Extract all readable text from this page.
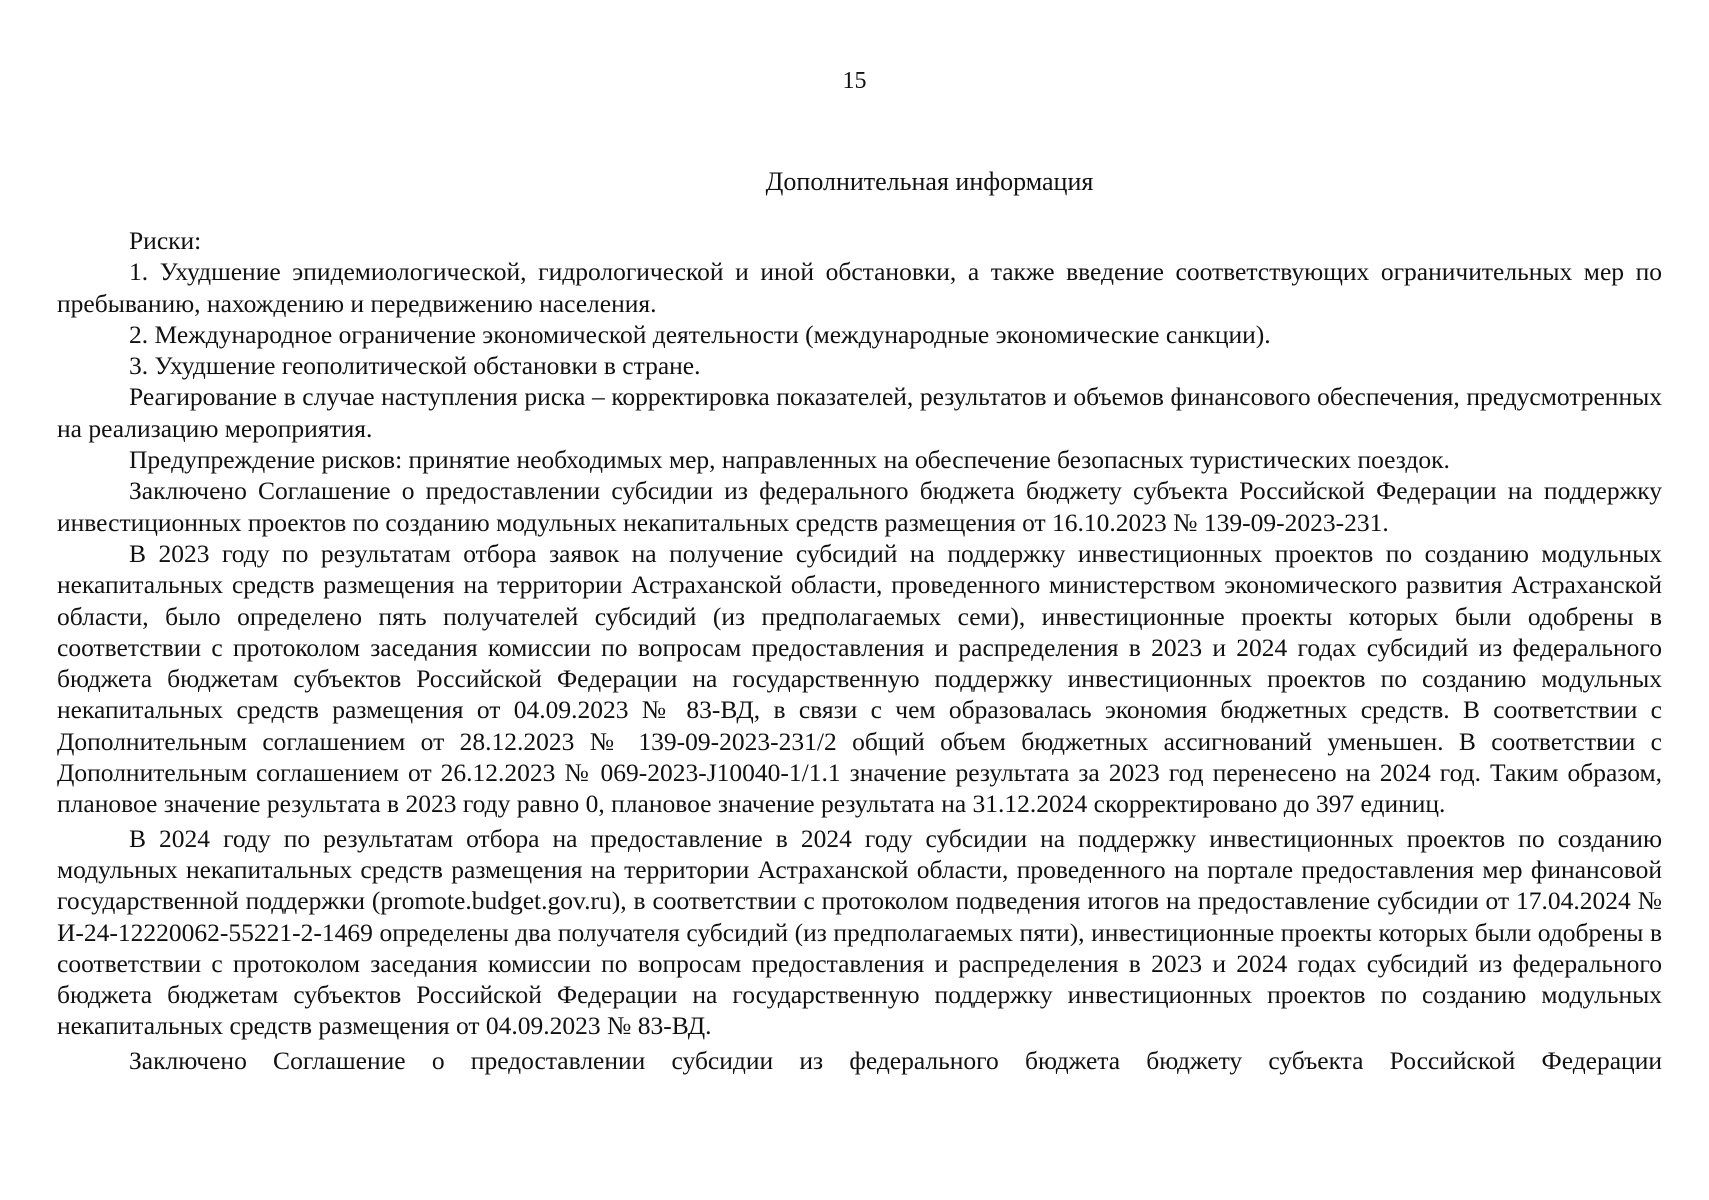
15
Дополнительная информация

Риски:

1. Ухудшение эпидемиологической, гидрологической и иной обстановки, а также введение соответствующих ограничительных мер по пребыванию, нахождению и передвижению населения.

2. Международное ограничение экономической деятельности (международные экономические санкции).

3. Ухудшение геополитической обстановки в стране.

Реагирование в случае наступления риска – корректировка показателей, результатов и объемов финансового обеспечения, предусмотренных на реализацию мероприятия.

Предупреждение рисков: принятие необходимых мер, направленных на обеспечение безопасных туристических поездок.

Заключено Соглашение о предоставлении субсидии из федерального бюджета бюджету субъекта Российской Федерации на поддержку инвестиционных проектов по созданию модульных некапитальных средств размещения от 16.10.2023 № 139-09-2023-231.

В 2023 году по результатам отбора заявок на получение субсидий на поддержку инвестиционных проектов по созданию модульных некапитальных средств размещения на территории Астраханской области, проведенного министерством экономического развития Астраханской области, было определено пять получателей субсидий (из предполагаемых семи), инвестиционные проекты которых были одобрены в соответствии с протоколом заседания комиссии по вопросам предоставления и распределения в 2023 и 2024 годах субсидий из федерального бюджета бюджетам субъектов Российской Федерации на государственную поддержку инвестиционных проектов по созданию модульных некапитальных средств размещения от 04.09.2023 № 83-ВД, в связи с чем образовалась экономия бюджетных средств. В соответствии с Дополнительным соглашением от 28.12.2023 № 139-09-2023-231/2 общий объем бюджетных ассигнований уменьшен. В соответствии с Дополнительным соглашением от 26.12.2023 № 069-2023-J10040-1/1.1 значение результата за 2023 год перенесено на 2024 год. Таким образом, плановое значение результата в 2023 году равно 0, плановое значение результата на 31.12.2024 скорректировано до 397 единиц.

В 2024 году по результатам отбора на предоставление в 2024 году субсидии на поддержку инвестиционных проектов по созданию модульных некапитальных средств размещения на территории Астраханской области, проведенного на портале предоставления мер финансовой государственной поддержки (promote.budget.gov.ru), в соответствии с протоколом подведения итогов на предоставление субсидии от 17.04.2024 № И-24-12220062-55221-2-1469 определены два получателя субсидий (из предполагаемых пяти), инвестиционные проекты которых были одобрены в соответствии с протоколом заседания комиссии по вопросам предоставления и распределения в 2023 и 2024 годах субсидий из федерального бюджета бюджетам субъектов Российской Федерации на государственную поддержку инвестиционных проектов по созданию модульных некапитальных средств размещения от 04.09.2023 № 83-ВД.

Заключено Соглашение о предоставлении субсидии из федерального бюджета бюджету субъекта Российской Федерации
